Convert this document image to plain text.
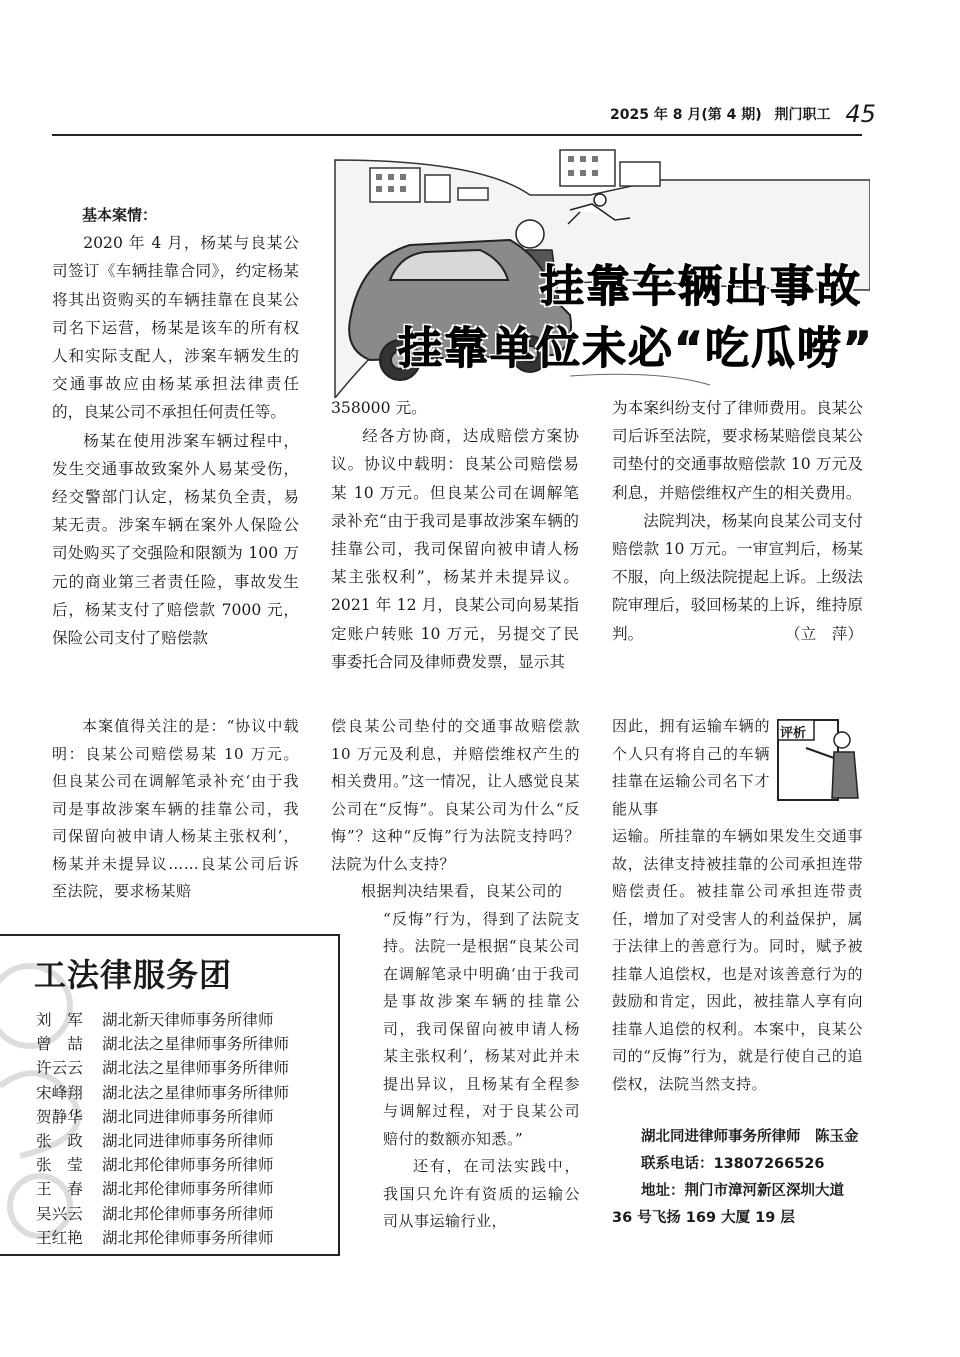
2025 年 8 月(第 4 期) 荆门职工 45
挂靠车辆出事故
挂靠单位未必“吃瓜唠”

基本案情：

2020 年 4 月，杨某与良某公司签订《车辆挂靠合同》，约定杨某将其出资购买的车辆挂靠在良某公司名下运营，杨某是该车的所有权人和实际支配人，涉案车辆发生的交通事故应由杨某承担法律责任的，良某公司不承担任何责任等。

杨某在使用涉案车辆过程中，发生交通事故致案外人易某受伤，经交警部门认定，杨某负全责，易某无责。涉案车辆在案外人保险公司处购买了交强险和限额为 100 万元的商业第三者责任险，事故发生后，杨某支付了赔偿款 7000 元，保险公司支付了赔偿款

358000 元。

经各方协商，达成赔偿方案协议。协议中载明：良某公司赔偿易某 10 万元。但良某公司在调解笔录补充“由于我司是事故涉案车辆的挂靠公司，我司保留向被申请人杨某主张权利”，杨某并未提异议。2021 年 12 月，良某公司向易某指定账户转账 10 万元，另提交了民事委托合同及律师费发票，显示其

为本案纠纷支付了律师费用。良某公司后诉至法院，要求杨某赔偿良某公司垫付的交通事故赔偿款 10 万元及利息，并赔偿维权产生的相关费用。

法院判决，杨某向良某公司支付赔偿款 10 万元。一审宣判后，杨某不服，向上级法院提起上诉。上级法院审理后，驳回杨某的上诉，维持原判。	（立　萍）

本案值得关注的是：“协议中载明：良某公司赔偿易某 10 万元。但良某公司在调解笔录补充‘由于我司是事故涉案车辆的挂靠公司，我司保留向被申请人杨某主张权利’，杨某并未提异议……良某公司后诉至法院，要求杨某赔

偿良某公司垫付的交通事故赔偿款 10 万元及利息，并赔偿维权产生的相关费用。”这一情况，让人感觉良某公司在“反悔”。良某公司为什么“反悔”？这种“反悔”行为法院支持吗？法院为什么支持？

根据判决结果看，良某公司的

“反悔”行为，得到了法院支持。法院一是根据“良某公司在调解笔录中明确‘由于我司是事故涉案车辆的挂靠公司，我司保留向被申请人杨某主张权利’，杨某对此并未提出异议，且杨某有全程参与调解过程，对于良某公司赔付的数额亦知悉。”

还有，在司法实践中，我国只允许有资质的运输公司从事运输行业，

评析

因此，拥有运输车辆的个人只有将自己的车辆挂靠在运输公司名下才能从事

运输。所挂靠的车辆如果发生交通事故，法律支持被挂靠的公司承担连带赔偿责任。被挂靠公司承担连带责任，增加了对受害人的利益保护，属于法律上的善意行为。同时，赋予被挂靠人追偿权，也是对该善意行为的鼓励和肯定，因此，被挂靠人享有向挂靠人追偿的权利。本案中，良某公司的“反悔”行为，就是行使自己的追偿权，法院当然支持。

湖北同进律师事务所律师　陈玉金
联系电话：13807266526
地址：荆门市漳河新区深圳大道 36 号飞扬 169 大厦 19 层
工法律服务团
刘　军	湖北新天律师事务所律师
曾　喆	湖北法之星律师事务所律师
许云云	湖北法之星律师事务所律师
宋峰翔	湖北法之星律师事务所律师
贺静华	湖北同进律师事务所律师
张　政	湖北同进律师事务所律师
张　莹	湖北邦伦律师事务所律师
王　春	湖北邦伦律师事务所律师
吴兴云	湖北邦伦律师事务所律师
王红艳	湖北邦伦律师事务所律师
